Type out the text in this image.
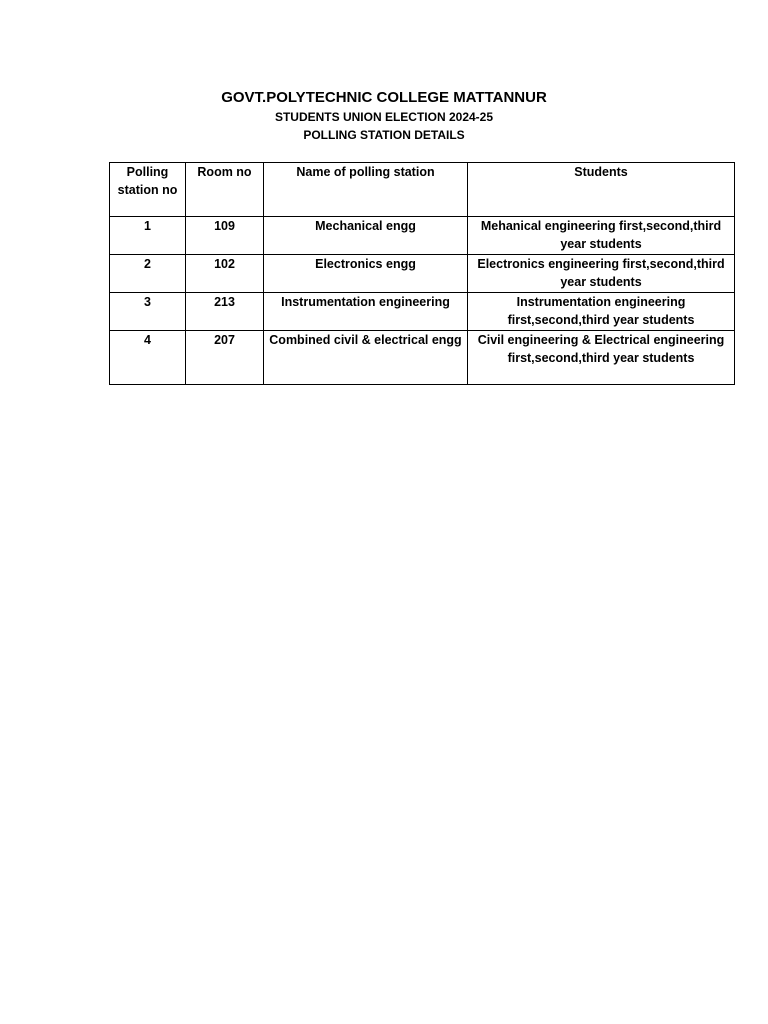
GOVT.POLYTECHNIC COLLEGE MATTANNUR
STUDENTS UNION ELECTION 2024-25
POLLING STATION DETAILS
Polling station no	Room no	Name of polling station	Students
1	109	Mechanical engg	Mehanical engineering first,second,third year students
2	102	Electronics engg	Electronics engineering first,second,third year students
3	213	Instrumentation engineering	Instrumentation engineering first,second,third year students
4	207	Combined civil & electrical engg	Civil engineering & Electrical engineering first,second,third year students
